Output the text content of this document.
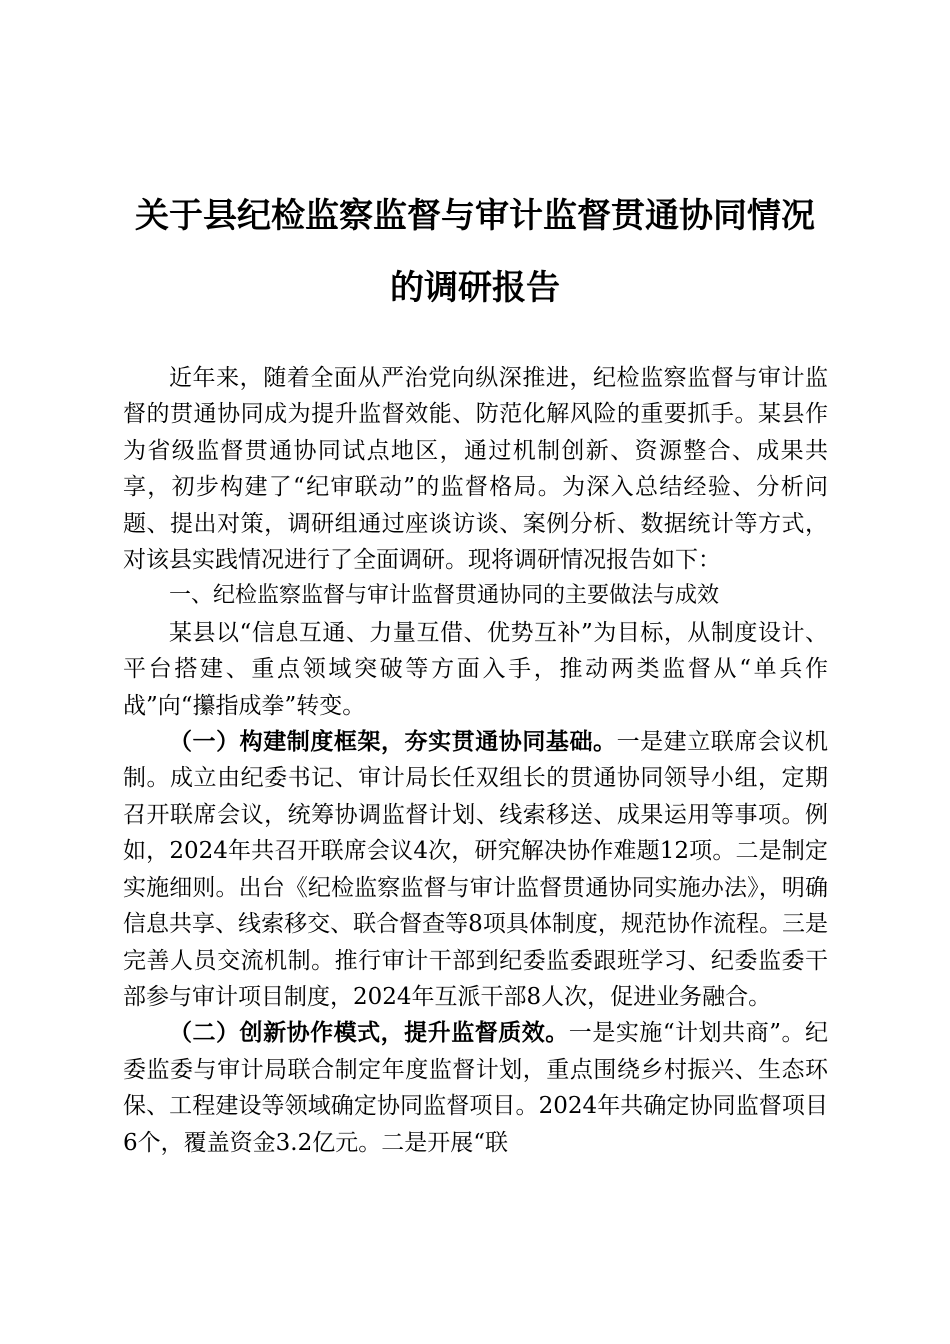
关于县纪检监察监督与审计监督贯通协同情况
的调研报告

近年来，随着全面从严治党向纵深推进，纪检监察监督与审计监督的贯通协同成为提升监督效能、防范化解风险的重要抓手。某县作为省级监督贯通协同试点地区，通过机制创新、资源整合、成果共享，初步构建了“纪审联动”的监督格局。为深入总结经验、分析问题、提出对策，调研组通过座谈访谈、案例分析、数据统计等方式，对该县实践情况进行了全面调研。现将调研情况报告如下：

一、纪检监察监督与审计监督贯通协同的主要做法与成效

某县以“信息互通、力量互借、优势互补”为目标，从制度设计、平台搭建、重点领域突破等方面入手，推动两类监督从“单兵作战”向“攥指成拳”转变。

（一）构建制度框架，夯实贯通协同基础。一是建立联席会议机制。成立由纪委书记、审计局长任双组长的贯通协同领导小组，定期召开联席会议，统筹协调监督计划、线索移送、成果运用等事项。例如，2024年共召开联席会议4次，研究解决协作难题12项。二是制定实施细则。出台《纪检监察监督与审计监督贯通协同实施办法》，明确信息共享、线索移交、联合督查等8项具体制度，规范协作流程。三是完善人员交流机制。推行审计干部到纪委监委跟班学习、纪委监委干部参与审计项目制度，2024年互派干部8人次，促进业务融合。

（二）创新协作模式，提升监督质效。一是实施“计划共商”。纪委监委与审计局联合制定年度监督计划，重点围绕乡村振兴、生态环保、工程建设等领域确定协同监督项目。2024年共确定协同监督项目6个，覆盖资金3.2亿元。二是开展“联
